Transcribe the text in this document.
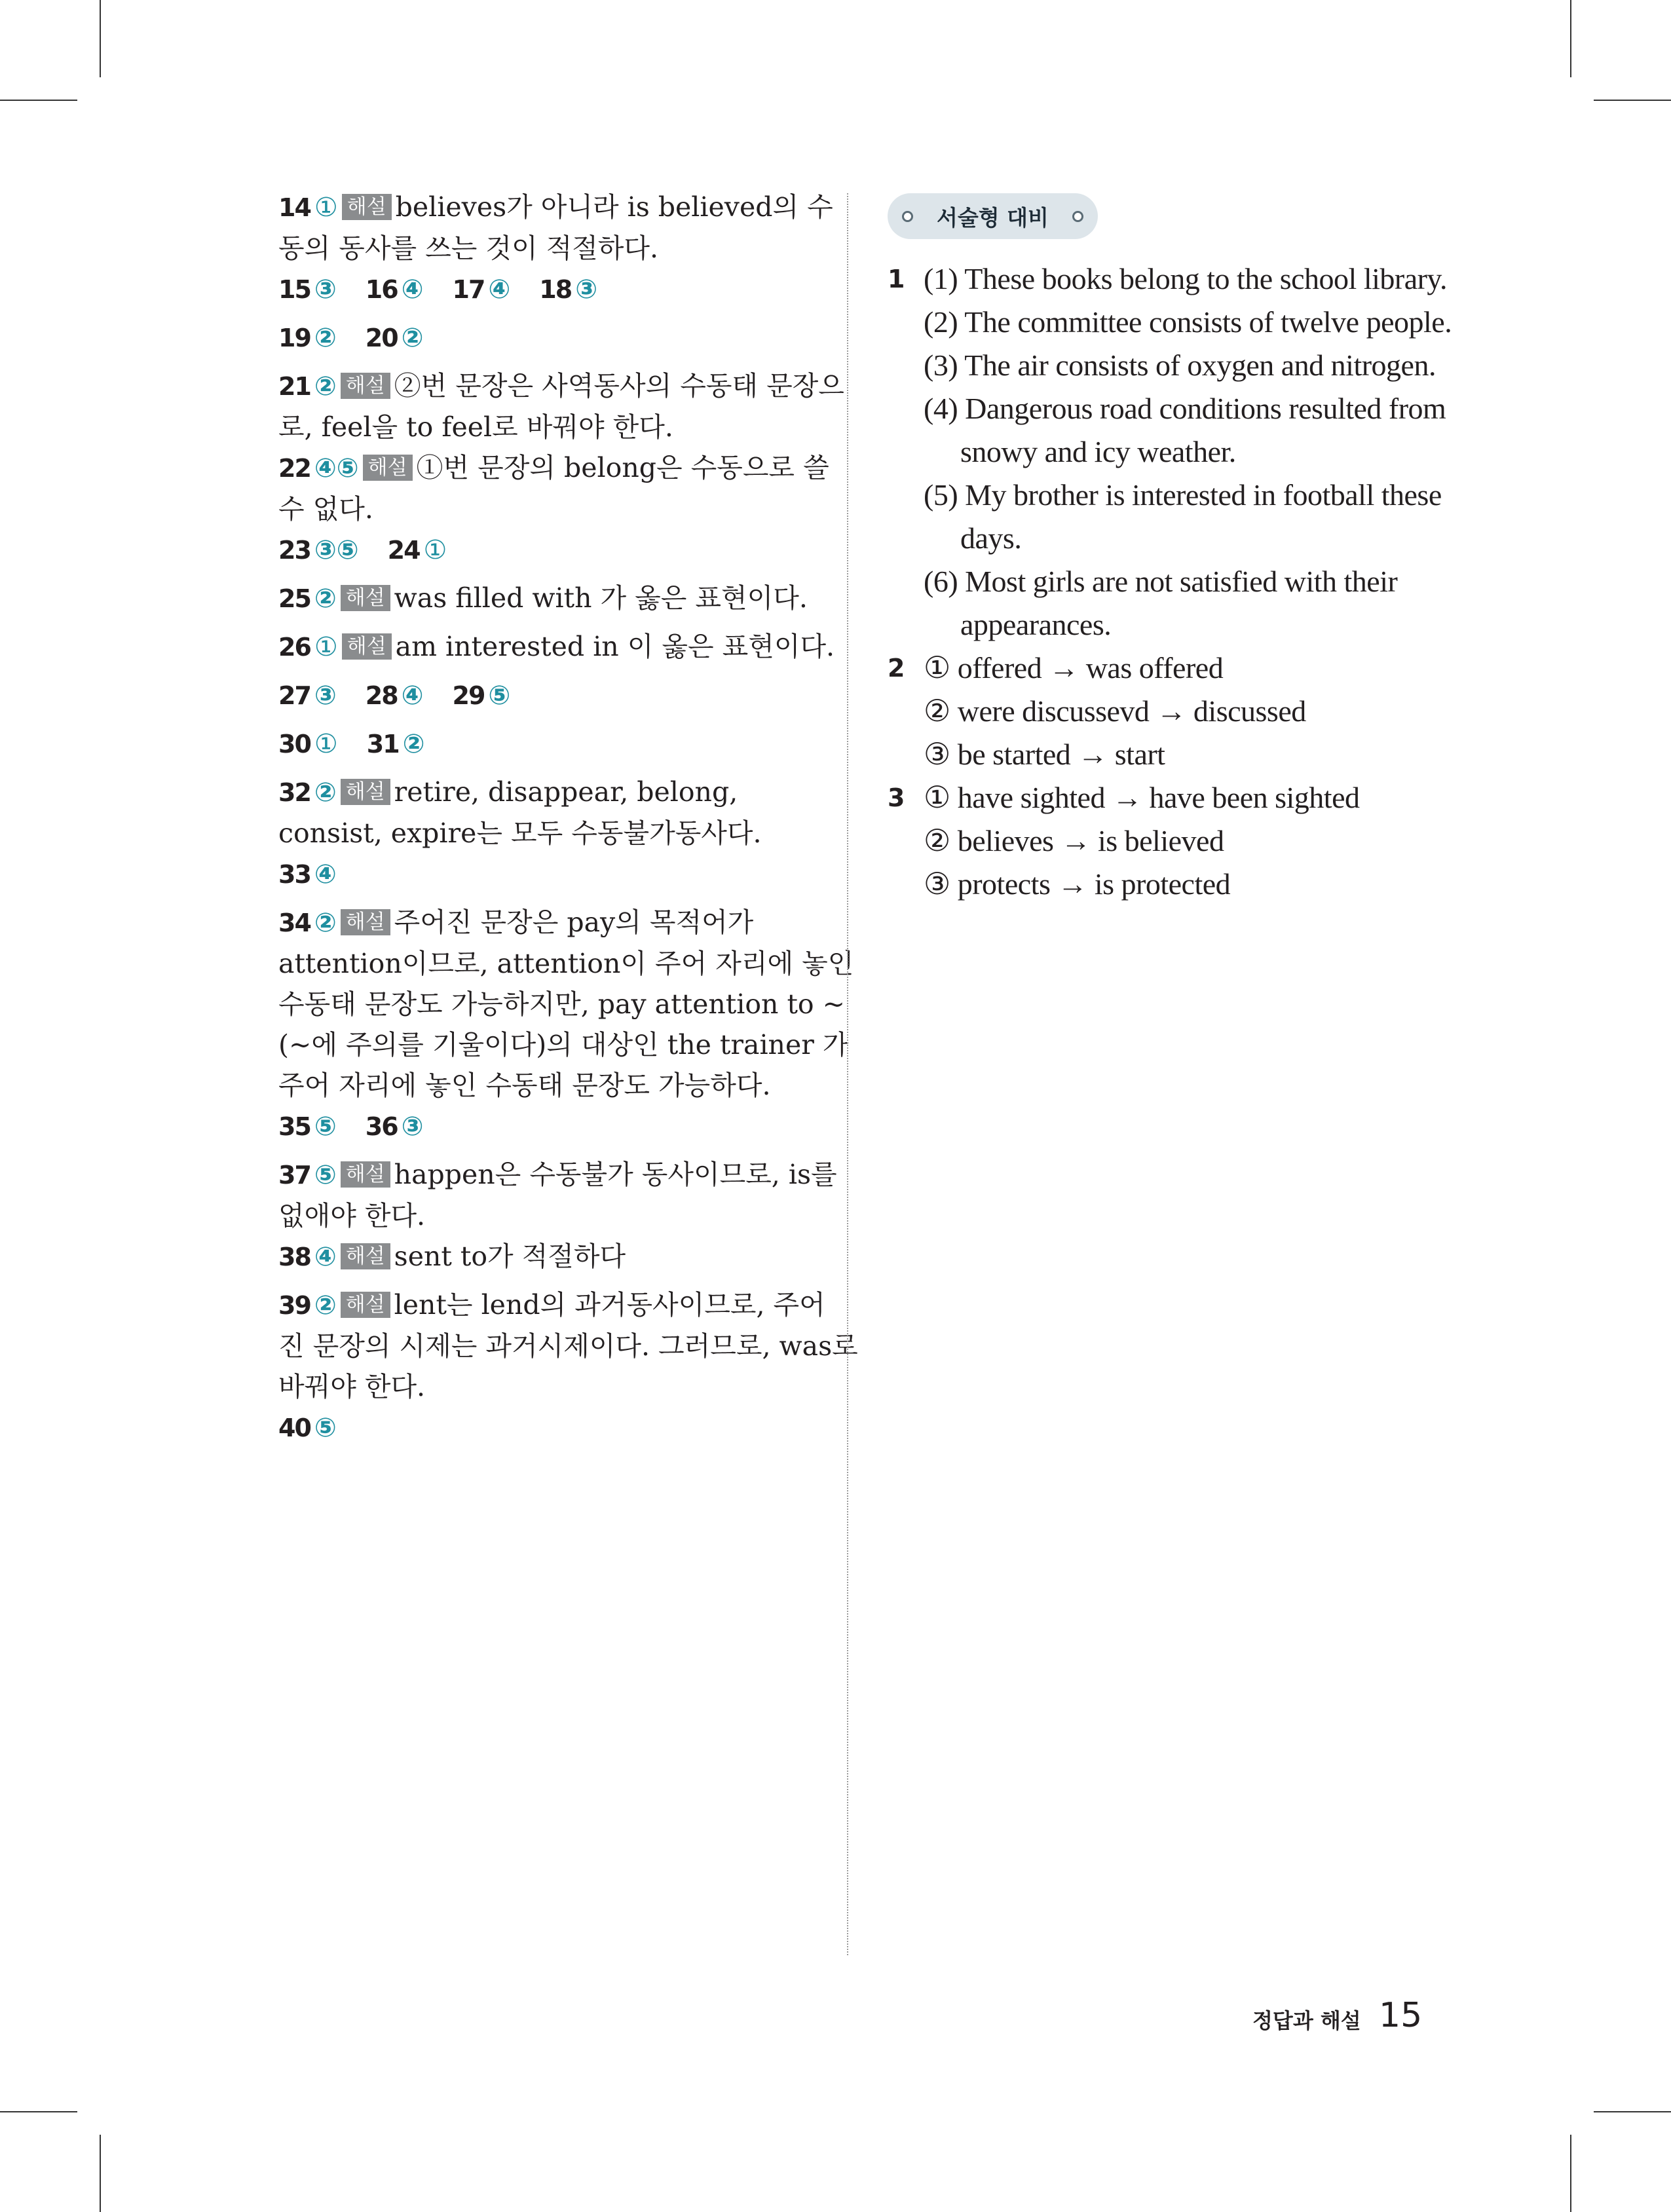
14 ① 해설 believes가 아니라 is believed의 수
동의 동사를 쓰는 것이 적절하다.
15 ③ 16 ④ 17 ④ 18 ③
19 ② 20 ②
21 ② 해설 ②번 문장은 사역동사의 수동태 문장으
로, feel을 to feel로 바꿔야 한다.
22 ④⑤ 해설 ①번 문장의 belong은 수동으로 쓸
수 없다.
23 ③⑤ 24 ①
25 ② 해설 was filled with 가 옳은 표현이다.
26 ① 해설 am interested in 이 옳은 표현이다.
27 ③ 28 ④ 29 ⑤
30 ① 31 ②
32 ② 해설 retire, disappear, belong,
consist, expire는 모두 수동불가동사다.
33 ④
34 ② 해설 주어진 문장은 pay의 목적어가
attention이므로, attention이 주어 자리에 놓인
수동태 문장도 가능하지만, pay attention to ~
(~에 주의를 기울이다)의 대상인 the trainer 가
주어 자리에 놓인 수동태 문장도 가능하다.
35 ⑤ 36 ③
37 ⑤ 해설 happen은 수동불가 동사이므로, is를
없애야 한다.
38 ④ 해설 sent to가 적절하다
39 ② 해설 lent는 lend의 과거동사이므로, 주어
진 문장의 시제는 과거시제이다. 그러므로, was로
바꿔야 한다.
40 ⑤
서술형 대비
1 (1) These books belong to the school library.
(2) The committee consists of twelve people.
(3) The air consists of oxygen and nitrogen.
(4) Dangerous road conditions resulted from
snowy and icy weather.
(5) My brother is interested in football these
days.
(6) Most girls are not satisfied with their
appearances.
2 ① offered → was offered
② were discussevd → discussed
③ be started → start
3 ① have sighted → have been sighted
② believes → is believed
③ protects → is protected
정답과 해설 15
